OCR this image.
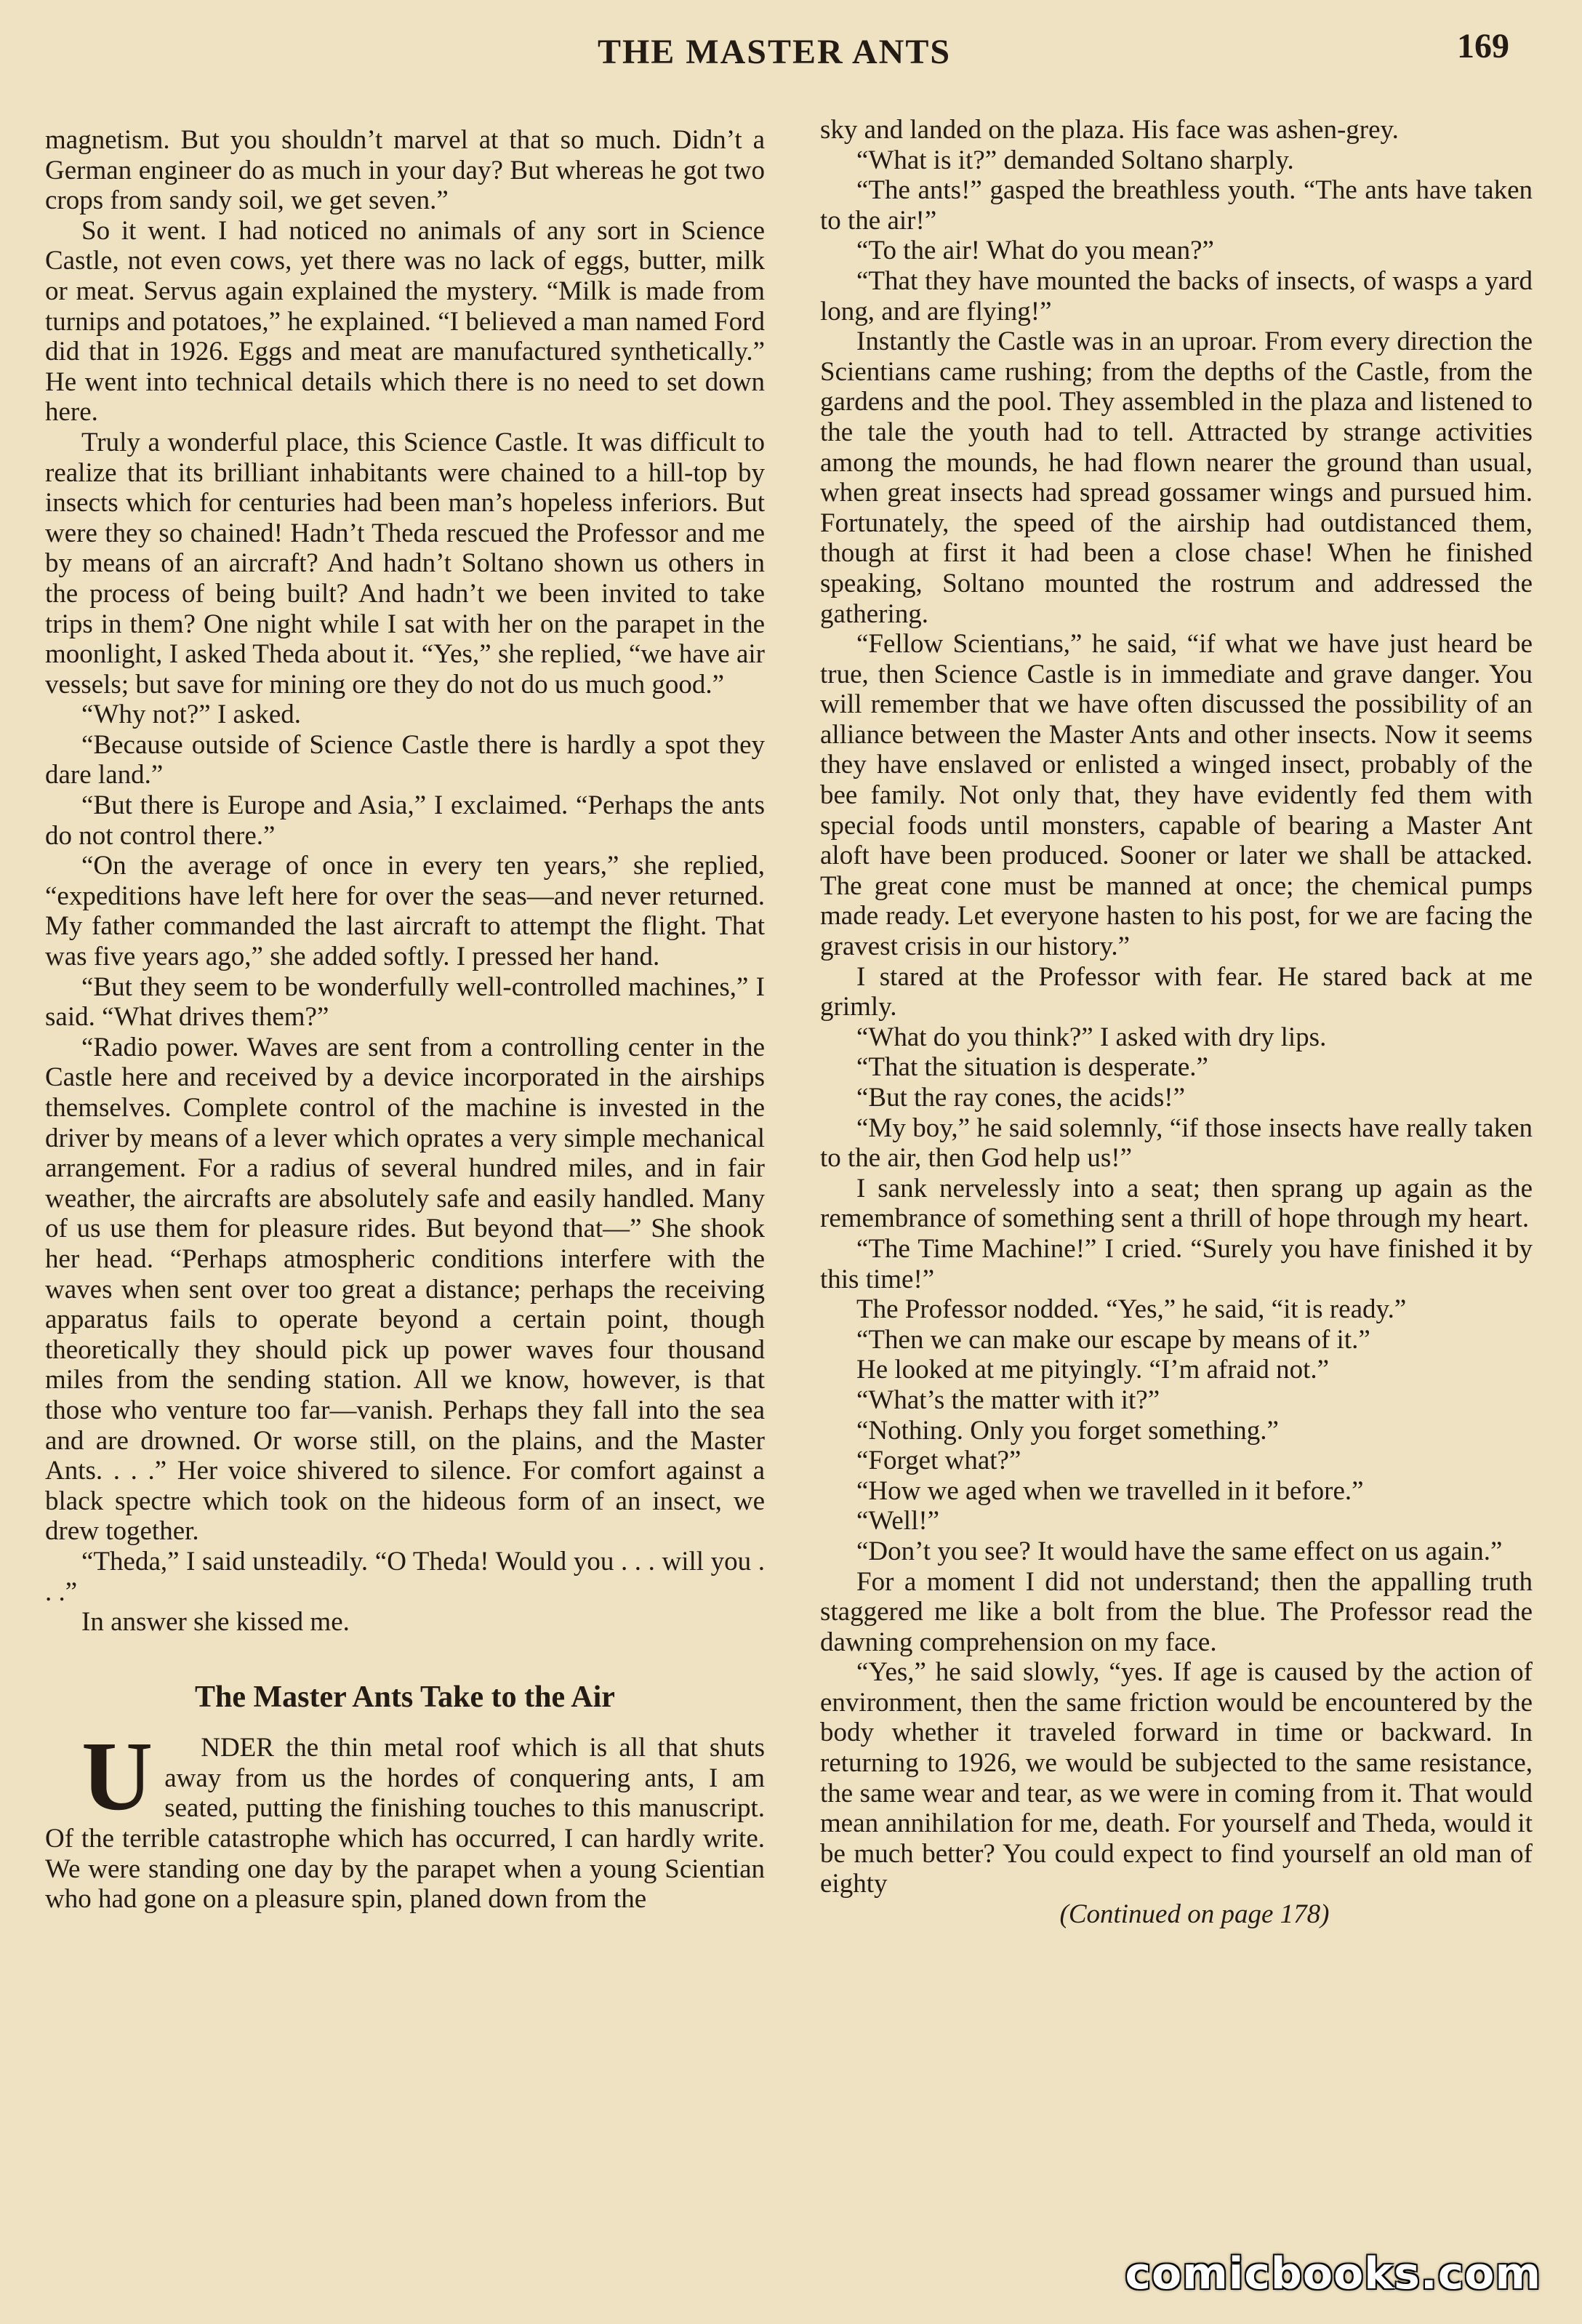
THE MASTER ANTS	169

magnetism. But you shouldn’t marvel at that so much. Didn’t a German engineer do as much in your day? But whereas he got two crops from sandy soil, we get seven.”

So it went. I had noticed no animals of any sort in Science Castle, not even cows, yet there was no lack of eggs, butter, milk or meat. Servus again explained the mystery. “Milk is made from turnips and potatoes,” he explained. “I believed a man named Ford did that in 1926. Eggs and meat are manufactured synthetically.” He went into technical details which there is no need to set down here.

Truly a wonderful place, this Science Castle. It was difficult to realize that its brilliant inhabitants were chained to a hill-top by insects which for centuries had been man’s hopeless inferiors. But were they so chained! Hadn’t Theda rescued the Professor and me by means of an aircraft? And hadn’t Soltano shown us others in the process of being built? And hadn’t we been invited to take trips in them? One night while I sat with her on the parapet in the moonlight, I asked Theda about it. “Yes,” she replied, “we have air vessels; but save for mining ore they do not do us much good.”

“Why not?” I asked.

“Because outside of Science Castle there is hardly a spot they dare land.”

“But there is Europe and Asia,” I exclaimed. “Perhaps the ants do not control there.”

“On the average of once in every ten years,” she replied, “expeditions have left here for over the seas—and never returned. My father commanded the last aircraft to attempt the flight. That was five years ago,” she added softly. I pressed her hand.

“But they seem to be wonderfully well-controlled machines,” I said. “What drives them?”

“Radio power. Waves are sent from a controlling center in the Castle here and received by a device incorporated in the airships themselves. Complete control of the machine is invested in the driver by means of a lever which oprates a very simple mechanical arrangement. For a radius of several hundred miles, and in fair weather, the aircrafts are absolutely safe and easily handled. Many of us use them for pleasure rides. But beyond that—” She shook her head. “Perhaps atmospheric conditions interfere with the waves when sent over too great a distance; perhaps the receiving apparatus fails to operate beyond a certain point, though theoretically they should pick up power waves four thousand miles from the sending station. All we know, however, is that those who venture too far—vanish. Perhaps they fall into the sea and are drowned. Or worse still, on the plains, and the Master Ants. . . .” Her voice shivered to silence. For comfort against a black spectre which took on the hideous form of an insect, we drew together.

“Theda,” I said unsteadily. “O Theda! Would you . . . will you . . .”

In answer she kissed me.

The Master Ants Take to the Air

U NDER the thin metal roof which is all that shuts away from us the hordes of conquering ants, I am seated, putting the finishing touches to this manuscript. Of the terrible catastrophe which has occurred, I can hardly write. We were standing one day by the parapet when a young Scientian who had gone on a pleasure spin, planed down from the

sky and landed on the plaza. His face was ashen-grey.

“What is it?” demanded Soltano sharply.

“The ants!” gasped the breathless youth. “The ants have taken to the air!”

“To the air! What do you mean?”

“That they have mounted the backs of insects, of wasps a yard long, and are flying!”

Instantly the Castle was in an uproar. From every direction the Scientians came rushing; from the depths of the Castle, from the gardens and the pool. They assembled in the plaza and listened to the tale the youth had to tell. Attracted by strange activities among the mounds, he had flown nearer the ground than usual, when great insects had spread gossamer wings and pursued him. Fortunately, the speed of the airship had outdistanced them, though at first it had been a close chase! When he finished speaking, Soltano mounted the rostrum and addressed the gathering.

“Fellow Scientians,” he said, “if what we have just heard be true, then Science Castle is in immediate and grave danger. You will remember that we have often discussed the possibility of an alliance between the Master Ants and other insects. Now it seems they have enslaved or enlisted a winged insect, probably of the bee family. Not only that, they have evidently fed them with special foods until monsters, capable of bearing a Master Ant aloft have been produced. Sooner or later we shall be attacked. The great cone must be manned at once; the chemical pumps made ready. Let everyone hasten to his post, for we are facing the gravest crisis in our history.”

I stared at the Professor with fear. He stared back at me grimly.

“What do you think?” I asked with dry lips.

“That the situation is desperate.”

“But the ray cones, the acids!”

“My boy,” he said solemnly, “if those insects have really taken to the air, then God help us!”

I sank nervelessly into a seat; then sprang up again as the remembrance of something sent a thrill of hope through my heart.

“The Time Machine!” I cried. “Surely you have finished it by this time!”

The Professor nodded. “Yes,” he said, “it is ready.”

“Then we can make our escape by means of it.”

He looked at me pityingly. “I’m afraid not.”

“What’s the matter with it?”

“Nothing. Only you forget something.”

“Forget what?”

“How we aged when we travelled in it before.”

“Well!”

“Don’t you see? It would have the same effect on us again.”

For a moment I did not understand; then the appalling truth staggered me like a bolt from the blue. The Professor read the dawning comprehension on my face.

“Yes,” he said slowly, “yes. If age is caused by the action of environment, then the same friction would be encountered by the body whether it traveled forward in time or backward. In returning to 1926, we would be subjected to the same resistance, the same wear and tear, as we were in coming from it. That would mean annihilation for me, death. For yourself and Theda, would it be much better? You could expect to find yourself an old man of eighty

(Continued on page 178)

comicbooks.com
